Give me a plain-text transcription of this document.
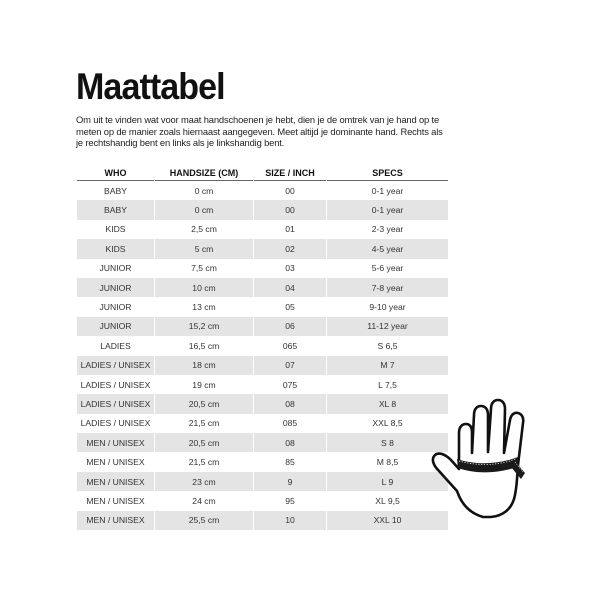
Maattabel

Om uit te vinden wat voor maat handschoenen je hebt, dien je de omtrek van je hand op te meten op de manier zoals hiernaast aangegeven. Meet altijd je dominante hand. Rechts als je rechtshandig bent en links als je linkshandig bent.

WHO	HANDSIZE (CM)	SIZE / INCH	SPECS
BABY	0 cm	00	0-1 year
BABY	0 cm	00	0-1 year
KIDS	2,5 cm	01	2-3 year
KIDS	5 cm	02	4-5 year
JUNIOR	7,5 cm	03	5-6 year
JUNIOR	10 cm	04	7-8 year
JUNIOR	13 cm	05	9-10 year
JUNIOR	15,2 cm	06	11-12 year
LADIES	16,5 cm	065	S 6,5
LADIES / UNISEX	18 cm	07	M 7
LADIES / UNISEX	19 cm	075	L 7,5
LADIES / UNISEX	20,5 cm	08	XL 8
LADIES / UNISEX	21,5 cm	085	XXL 8,5
MEN / UNISEX	20,5 cm	08	S 8
MEN / UNISEX	21,5 cm	85	M 8,5
MEN / UNISEX	23 cm	9	L 9
MEN / UNISEX	24 cm	95	XL 9,5
MEN / UNISEX	25,5 cm	10	XXL 10
